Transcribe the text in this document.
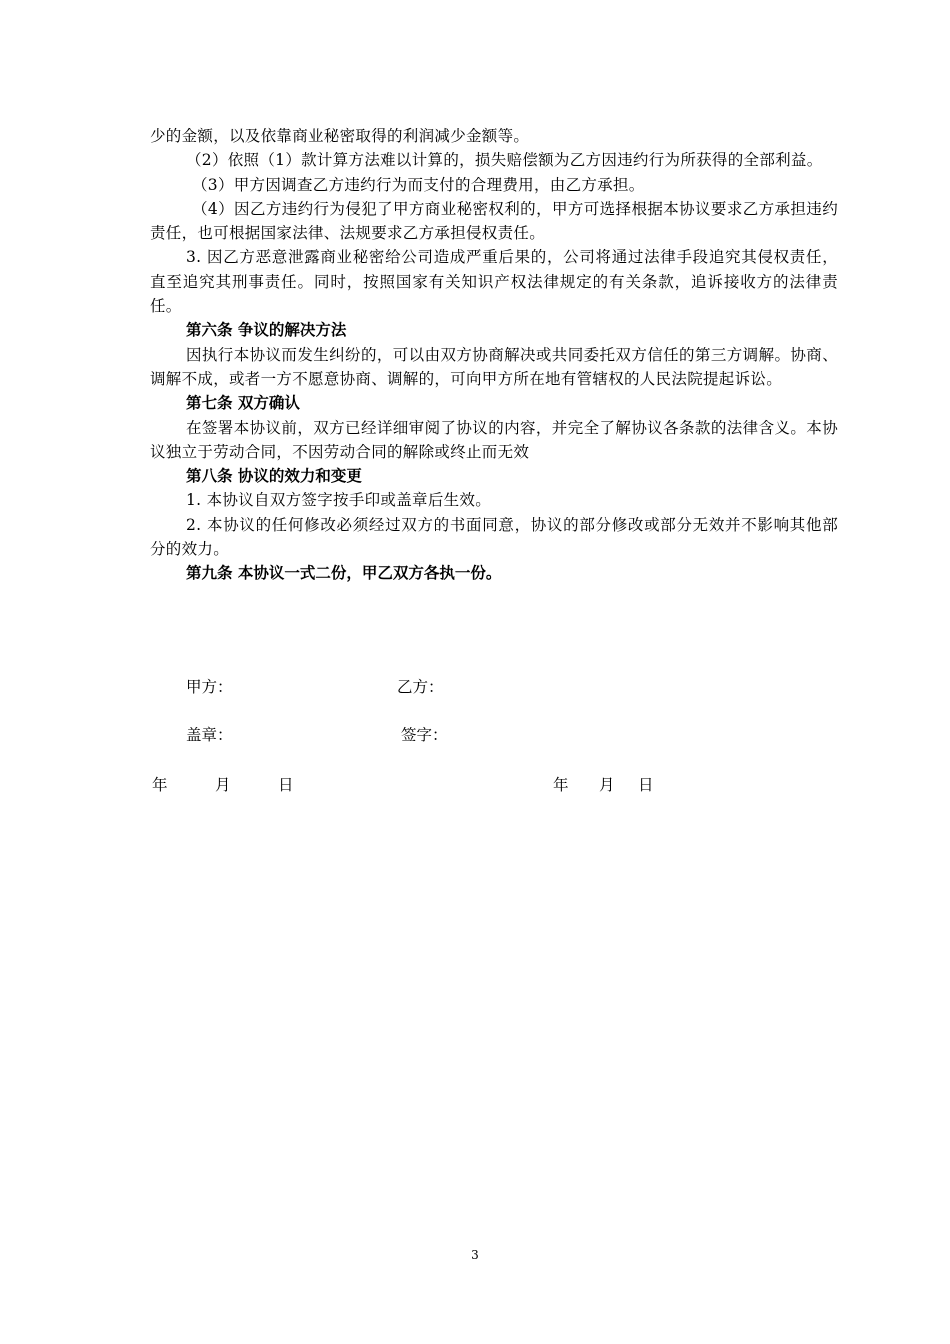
少的金额，以及依靠商业秘密取得的利润减少金额等。

（2）依照（1）款计算方法难以计算的，损失赔偿额为乙方因违约行为所获得的全部利益。

（3）甲方因调查乙方违约行为而支付的合理费用，由乙方承担。

（4）因乙方违约行为侵犯了甲方商业秘密权利的，甲方可选择根据本协议要求乙方承担违约责任，也可根据国家法律、法规要求乙方承担侵权责任。

3. 因乙方恶意泄露商业秘密给公司造成严重后果的，公司将通过法律手段追究其侵权责任，直至追究其刑事责任。同时，按照国家有关知识产权法律规定的有关条款，追诉接收方的法律责任。

第六条 争议的解决方法

因执行本协议而发生纠纷的，可以由双方协商解决或共同委托双方信任的第三方调解。协商、调解不成，或者一方不愿意协商、调解的，可向甲方所在地有管辖权的人民法院提起诉讼。

第七条 双方确认

在签署本协议前，双方已经详细审阅了协议的内容，并完全了解协议各条款的法律含义。本协议独立于劳动合同，不因劳动合同的解除或终止而无效

第八条 协议的效力和变更

1. 本协议自双方签字按手印或盖章后生效。

2. 本协议的任何修改必须经过双方的书面同意，协议的部分修改或部分无效并不影响其他部分的效力。

第九条 本协议一式二份，甲乙双方各执一份。

甲方：	乙方：
盖章：	签字：
年	月	日	年 月 日
3
